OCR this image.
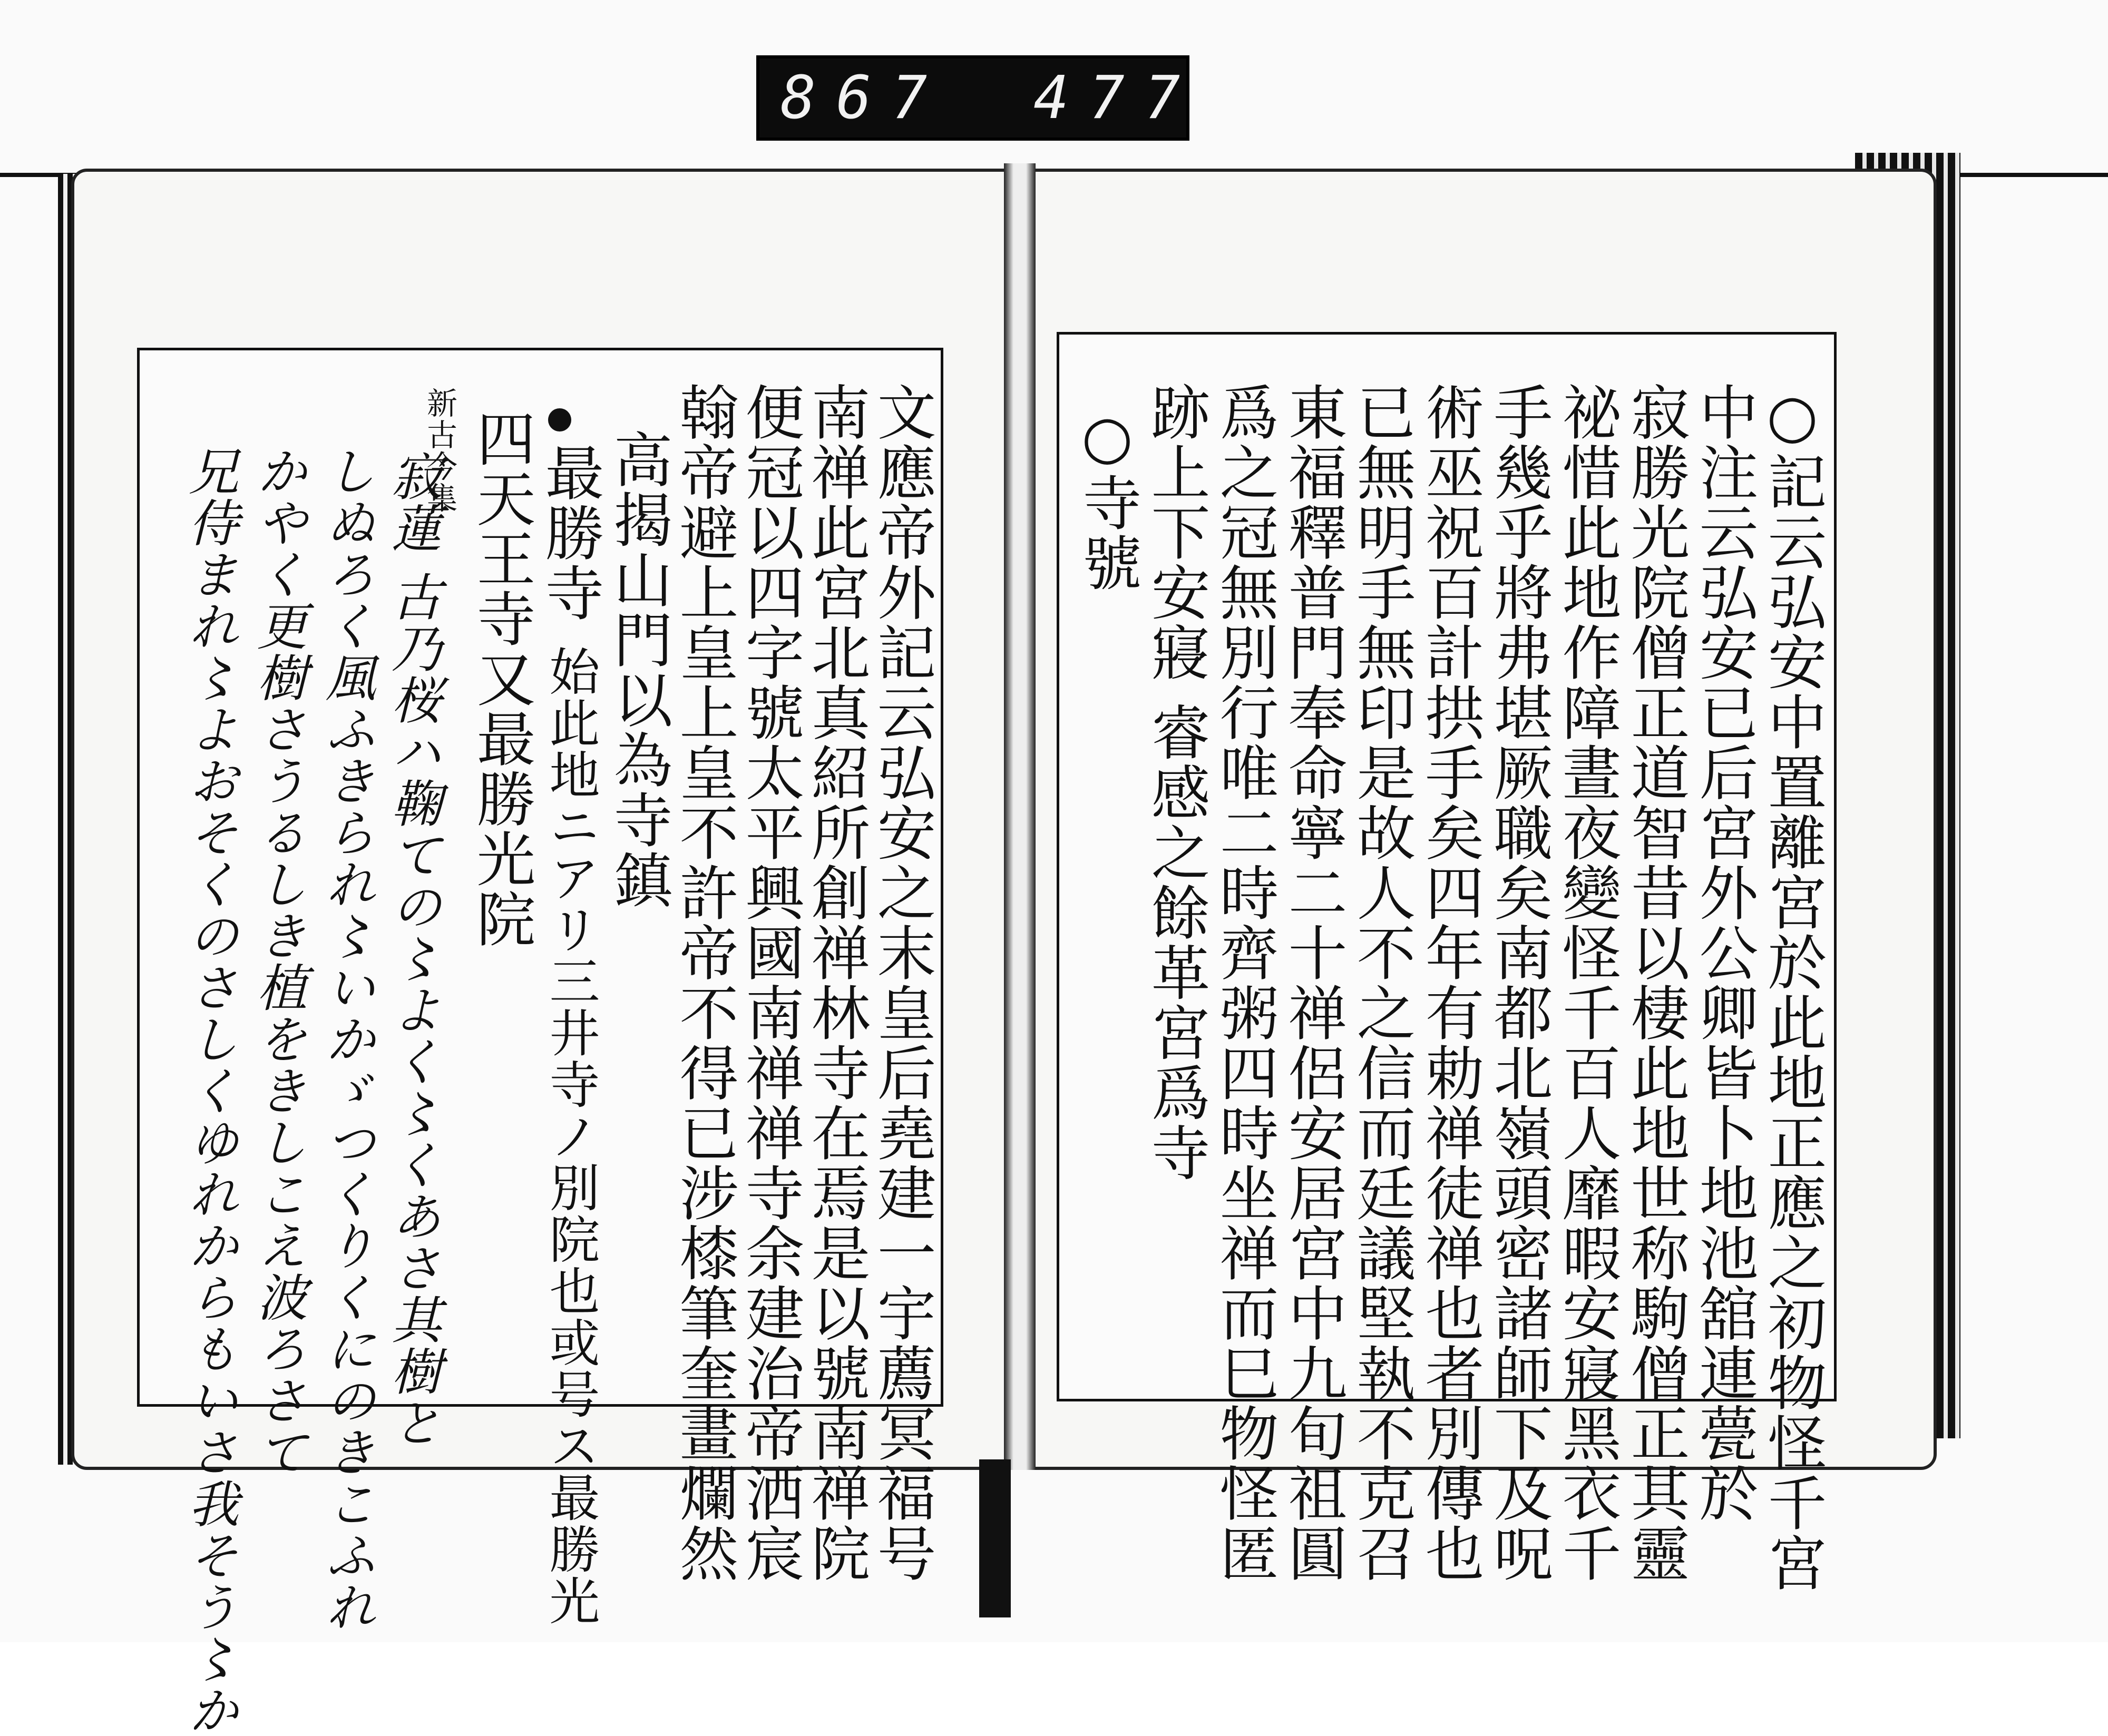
867 477
○記云弘安中置離宮於此地正應之初物怪千宮
中注云弘安已后宮外公卿皆卜地池舘連甍於
寂勝光院僧正道智昔以棲此地世称駒僧正其靈
祕惜此地作障晝夜變怪千百人靡暇安寢黑衣千
手幾乎將弗堪厥職矣南都北嶺頭密諸師下及呪
術巫祝百計拱手矣四年有勅禅徒禅也者別傳也
已無明手無印是故人不之信而廷議堅執不克召
東福釋普門奉命寧二十禅侶安居宮中九旬祖圓
爲之冠無別行唯二時齊粥四時坐禅而巳物怪匿
跡上下安寢 睿感之餘革宮爲寺
○寺號
文應帝外記云弘安之末皇后堯建一宇薦冥福号
南禅此宮北真紹所創禅林寺在焉是以號南禅院
便冠以四字號太平興國南禅禅寺余建治帝洒宸
翰帝避上皇上皇不許帝不得已涉㯃筆奎畫爛然
高揭山門以為寺鎮
最勝寺
始此地ニアリ三井寺ノ別院也或号ス最勝光
四天王寺又最勝光院
新古今集
寂蓮 古乃桜ハ鞠ての〻よく〻くあさ其樹と
しぬろく風ふきられ〻いかゞつくりくにのきこふれ
かやく更樹さうるしき植をきしこえ波ろさて
兄侍まれ〻よおそくのさしくゆれからもいさ我そう〻か
